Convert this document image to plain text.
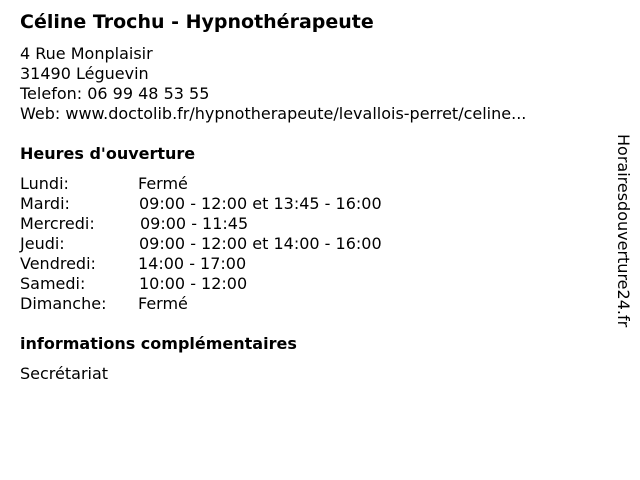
Céline Trochu - Hypnothérapeute
4 Rue Monplaisir
31490 Léguevin
Telefon: 06 99 48 53 55
Web: www.doctolib.fr/hypnotherapeute/levallois-perret/celine...
Heures d'ouverture
Lundi:	Fermé
Mardi:	09:00 - 12:00 et 13:45 - 16:00
Mercredi:	09:00 - 11:45
Jeudi:	09:00 - 12:00 et 14:00 - 16:00
Vendredi:	14:00 - 17:00
Samedi:	10:00 - 12:00
Dimanche: Fermé
informations complémentaires
Secrétariat
Horairesdouverture24.fr
